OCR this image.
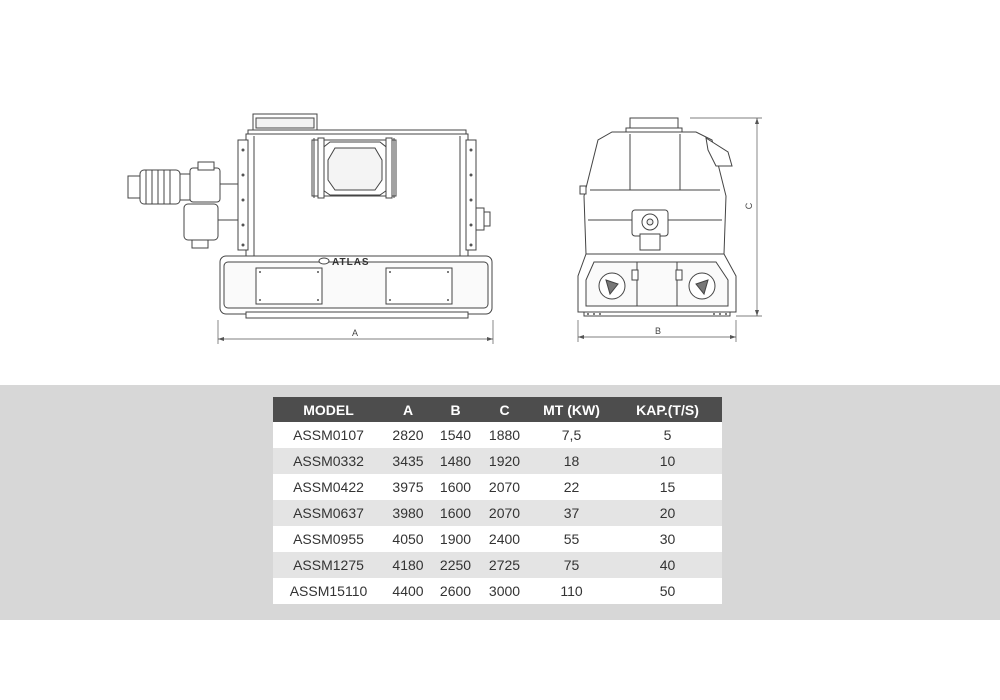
ATLAS
A	B
C
MODEL	A	B	C	MT (KW)	KAP.(T/S)
ASSM0107	2820	1540	1880	7,5	5
ASSM0332	3435	1480	1920	18	10
ASSM0422	3975	1600	2070	22	15
ASSM0637	3980	1600	2070	37	20
ASSM0955	4050	1900	2400	55	30
ASSM1275	4180	2250	2725	75	40
ASSM15110	4400	2600	3000	110	50
